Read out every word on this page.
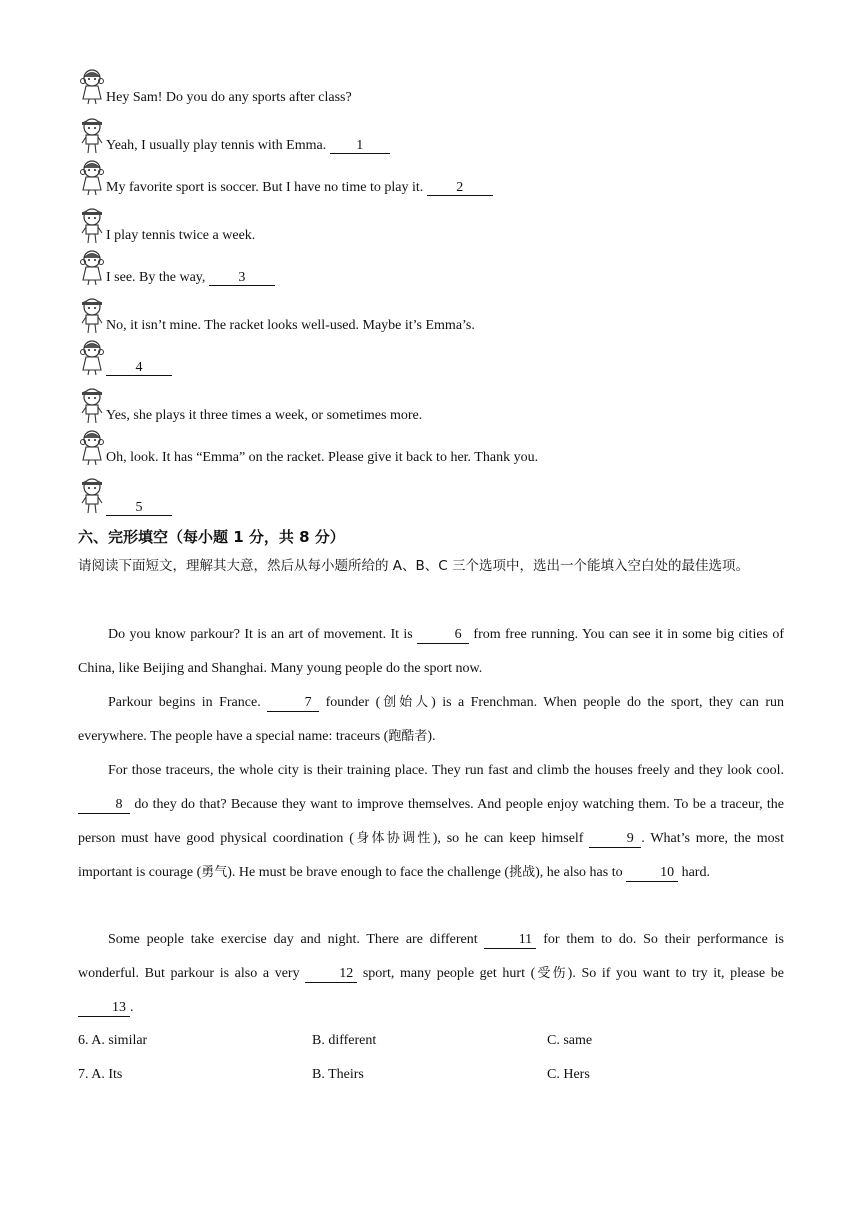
Hey Sam! Do you do any sports after class?
Yeah, I usually play tennis with Emma. 1
My favorite sport is soccer. But I have no time to play it. 2
I play tennis twice a week.
I see. By the way, 3
No, it isn’t mine. The racket looks well-used. Maybe it’s Emma’s.
4
Yes, she plays it three times a week, or sometimes more.
Oh, look. It has “Emma” on the racket. Please give it back to her. Thank you.
5
六、完形填空（每小题 1 分，共 8 分）
请阅读下面短文，理解其大意，然后从每小题所给的 A、B、C 三个选项中，选出一个能填入空白处的最佳选项。
Do you know parkour? It is an art of movement. It is	6 from free running. You can see it in some big cities of China, like Beijing and Shanghai. Many young people do the sport now.
Parkour begins in France.	7 founder (创始人) is a Frenchman. When people do the sport, they can run everywhere. The people have a special name: traceurs (跑酷者).
For those traceurs, the whole city is their training place. They run fast and climb the houses freely and they look cool. 8 do they do that? Because they want to improve themselves. And people enjoy watching them. To be a traceur, the person must have good physical coordination (身体协调性), so he can keep himself	9 . What’s more, the most important is courage (勇气). He must be brave enough to face the challenge (挑战), he also has to 10 hard.
Some people take exercise day and night. There are different 11 for them to do. So their performance is wonderful. But parkour is also a very 12 sport, many people get hurt (受伤). So if you want to try it, please be 13 .
6. A. similar	B. different	C. same
7. A. Its	B. Theirs	C. Hers
